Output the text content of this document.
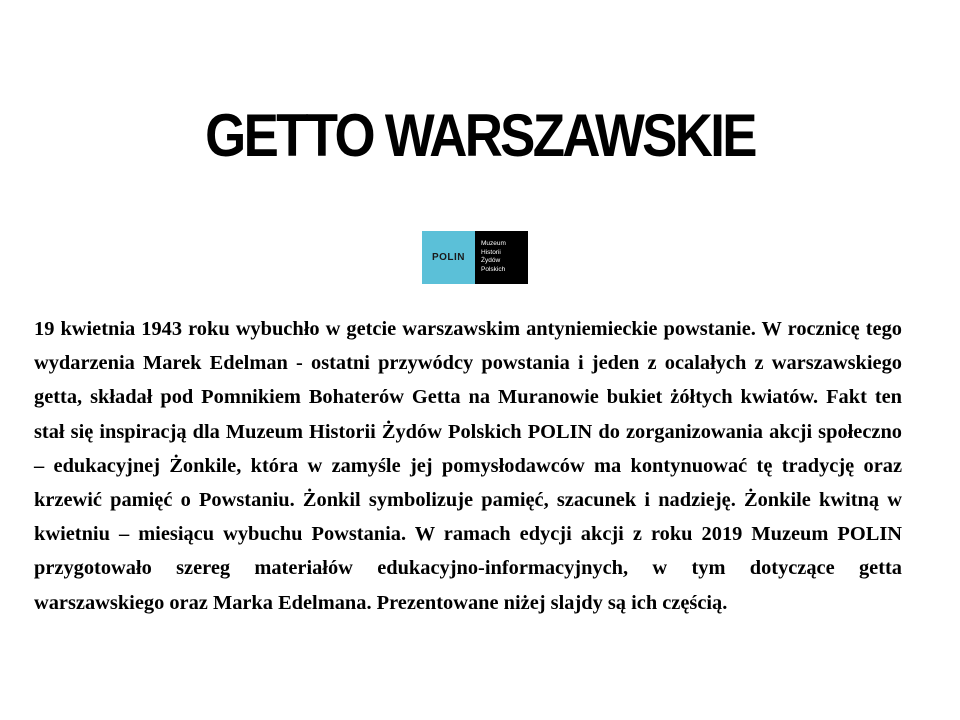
GETTO WARSZAWSKIE
POLIN
Muzeum
Historii
Żydów
Polskich

19 kwietnia 1943 roku wybuchło w getcie warszawskim antyniemieckie powstanie. W rocznicę tego wydarzenia Marek Edelman - ostatni przywódcy powstania i jeden z ocalałych z warszawskiego getta, składał pod Pomnikiem Bohaterów Getta na Muranowie bukiet żółtych kwiatów. Fakt ten stał się inspiracją dla Muzeum Historii Żydów Polskich POLIN do zorganizowania akcji społeczno – edukacyjnej Żonkile, która w zamyśle jej pomysłodawców ma kontynuować tę tradycję oraz krzewić pamięć o Powstaniu. Żonkil symbolizuje pamięć, szacunek i nadzieję. Żonkile kwitną w kwietniu – miesiącu wybuchu Powstania. W ramach edycji akcji z roku 2019 Muzeum POLIN przygotowało szereg materiałów edukacyjno-informacyjnych, w tym dotyczące getta warszawskiego oraz Marka Edelmana. Prezentowane niżej slajdy są ich częścią.
